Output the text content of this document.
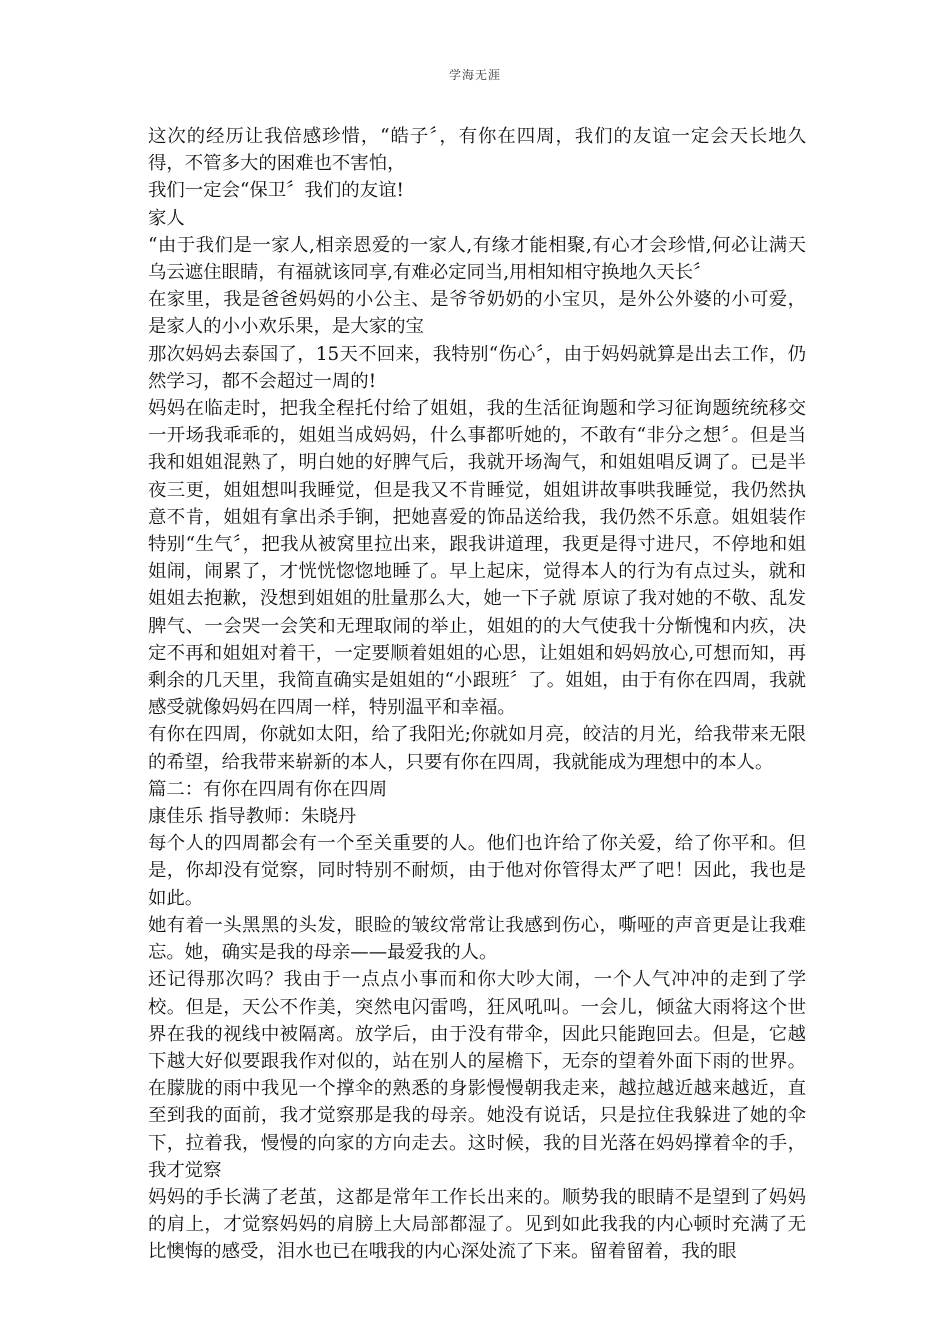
学海无涯

这次的经历让我倍感珍惜，“皓子〞，有你在四周，我们的友谊一定会天长地久得，不管多大的困难也不害怕，

我们一定会“保卫〞我们的友谊!

家人

“由于我们是一家人,相亲恩爱的一家人,有缘才能相聚,有心才会珍惜,何必让满天乌云遮住眼睛，有福就该同享,有难必定同当,用相知相守换地久天长〞

在家里，我是爸爸妈妈的小公主、是爷爷奶奶的小宝贝，是外公外婆的小可爱，是家人的小小欢乐果，是大家的宝

那次妈妈去泰国了，15天不回来，我特别“伤心〞，由于妈妈就算是出去工作，仍然学习，都不会超过一周的!

妈妈在临走时，把我全程托付给了姐姐，我的生活征询题和学习征询题统统移交一开场我乖乖的，姐姐当成妈妈，什么事都听她的，不敢有“非分之想〞。但是当我和姐姐混熟了，明白她的好脾气后，我就开场淘气，和姐姐唱反调了。已是半夜三更，姐姐想叫我睡觉，但是我又不肯睡觉，姐姐讲故事哄我睡觉，我仍然执意不肯，姐姐有拿出杀手锏，把她喜爱的饰品送给我，我仍然不乐意。姐姐装作特别“生气〞，把我从被窝里拉出来，跟我讲道理，我更是得寸进尺，不停地和姐姐闹，闹累了，才恍恍惚惚地睡了。早上起床，觉得本人的行为有点过头，就和姐姐去抱歉，没想到姐姐的肚量那么大，她一下子就 原谅了我对她的不敬、乱发脾气、一会哭一会笑和无理取闹的举止，姐姐的的大气使我十分惭愧和内疚，决定不再和姐姐对着干，一定要顺着姐姐的心思，让姐姐和妈妈放心,可想而知，再剩余的几天里，我简直确实是姐姐的“小跟班〞了。姐姐，由于有你在四周，我就感受就像妈妈在四周一样，特别温平和幸福。

有你在四周，你就如太阳，给了我阳光;你就如月亮，皎洁的月光，给我带来无限的希望，给我带来崭新的本人，只要有你在四周，我就能成为理想中的本人。

篇二：有你在四周有你在四周

康佳乐 指导教师：朱晓丹

每个人的四周都会有一个至关重要的人。他们也许给了你关爱，给了你平和。但是，你却没有觉察，同时特别不耐烦，由于他对你管得太严了吧！因此，我也是如此。

她有着一头黑黑的头发，眼睑的皱纹常常让我感到伤心，嘶哑的声音更是让我难忘。她，确实是我的母亲——最爱我的人。

还记得那次吗？我由于一点点小事而和你大吵大闹，一个人气冲冲的走到了学校。但是，天公不作美，突然电闪雷鸣，狂风吼叫。一会儿，倾盆大雨将这个世界在我的视线中被隔离。放学后，由于没有带伞，因此只能跑回去。但是，它越下越大好似要跟我作对似的，站在别人的屋檐下，无奈的望着外面下雨的世界。在朦胧的雨中我见一个撑伞的熟悉的身影慢慢朝我走来，越拉越近越来越近，直至到我的面前，我才觉察那是我的母亲。她没有说话，只是拉住我躲进了她的伞下，拉着我，慢慢的向家的方向走去。这时候，我的目光落在妈妈撑着伞的手，我才觉察

妈妈的手长满了老茧，这都是常年工作长出来的。顺势我的眼睛不是望到了妈妈的肩上，才觉察妈妈的肩膀上大局部都湿了。见到如此我我的内心顿时充满了无比懊悔的感受，泪水也已在哦我的内心深处流了下来。留着留着，我的眼
